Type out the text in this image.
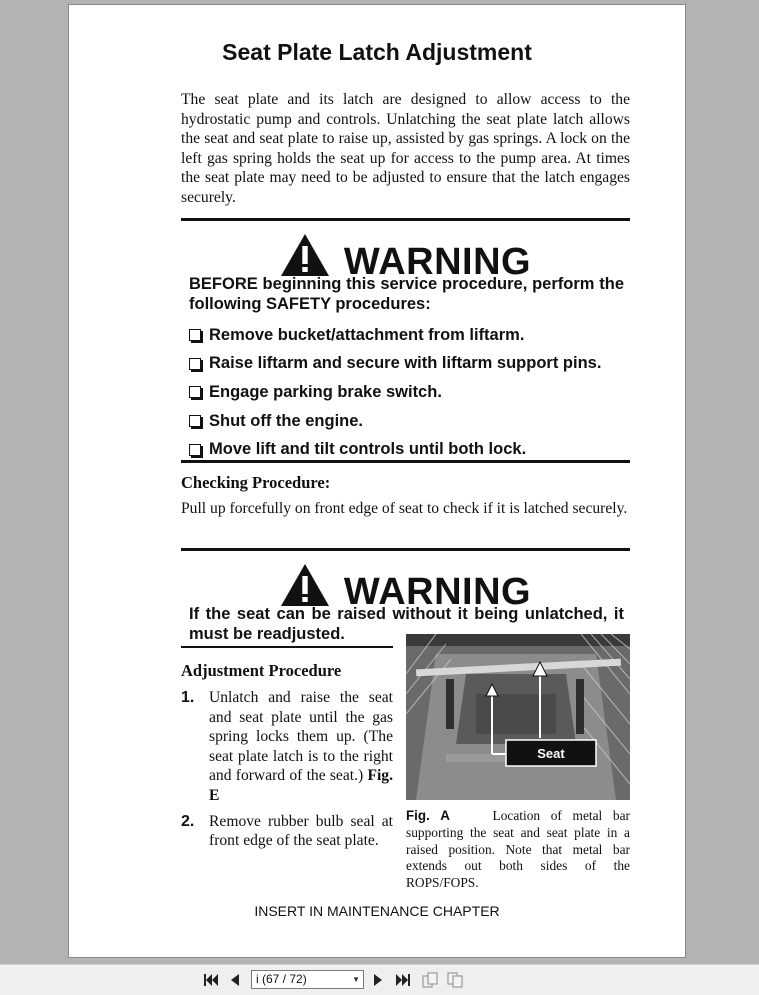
Seat Plate Latch Adjustment
The seat plate and its latch are designed to allow access to the hydrostatic pump and controls. Unlatching the seat plate latch allows the seat and seat plate to raise up, assisted by gas springs. A lock on the left gas spring holds the seat up for access to the pump area. At times the seat plate may need to be adjusted to ensure that the latch engages securely.
WARNING
BEFORE beginning this service procedure, perform the following SAFETY procedures:
Remove bucket/attachment from liftarm.
Raise liftarm and secure with liftarm support pins.
Engage parking brake switch.
Shut off the engine.
Move lift and tilt controls until both lock.
Checking Procedure:
Pull up forcefully on front edge of seat to check if it is latched securely.
WARNING
If the seat can be raised without it being unlatched, it must be readjusted.
Adjustment Procedure
1. Unlatch and raise the seat and seat plate until the gas spring locks them up. (The seat plate latch is to the right and forward of the seat.) Fig. E
2. Remove rubber bulb seal at front edge of the seat plate.
Seat
Fig. A	Location of metal bar supporting the seat and seat plate in a raised position. Note that metal bar extends out both sides of the ROPS/FOPS.
INSERT IN MAINTENANCE CHAPTER
i (67 / 72)	▼
